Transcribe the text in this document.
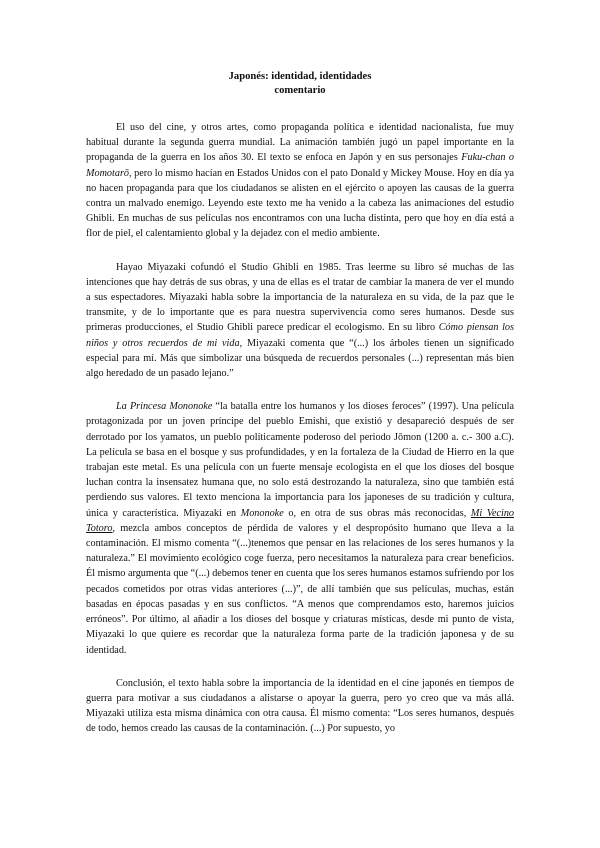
Japonés: identidad, identidades
comentario

El uso del cine, y otros artes, como propaganda política e identidad nacionalista, fue muy habitual durante la segunda guerra mundial. La animación también jugó un papel importante en la propaganda de la guerra en los años 30. El texto se enfoca en Japón y en sus personajes Fuku-chan o Momotarō, pero lo mismo hacían en Estados Unidos con el pato Donald y Mickey Mouse. Hoy en día ya no hacen propaganda para que los ciudadanos se alisten en el ejército o apoyen las causas de la guerra contra un malvado enemigo. Leyendo este texto me ha venido a la cabeza las animaciones del estudio Ghibli. En muchas de sus películas nos encontramos con una lucha distinta, pero que hoy en día está a flor de piel, el calentamiento global y la dejadez con el medio ambiente.

Hayao Miyazaki cofundó el Studio Ghibli en 1985. Tras leerme su libro sé muchas de las intenciones que hay detrás de sus obras, y una de ellas es el tratar de cambiar la manera de ver el mundo a sus espectadores. Miyazaki habla sobre la importancia de la naturaleza en su vida, de la paz que le transmite, y de lo importante que es para nuestra supervivencia como seres humanos. Desde sus primeras producciones, el Studio Ghibli parece predicar el ecologismo. En su libro Cómo piensan los niños y otros recuerdos de mi vida, Miyazaki comenta que “(...) los árboles tienen un significado especial para mí. Más que simbolizar una búsqueda de recuerdos personales (...) representan más bien algo heredado de un pasado lejano.”

La Princesa Mononoke “la batalla entre los humanos y los dioses feroces” (1997). Una película protagonizada por un joven príncipe del pueblo Emishi, que existió y desapareció después de ser derrotado por los yamatos, un pueblo políticamente poderoso del periodo Jōmon (1200 a. c.- 300 a.C). La película se basa en el bosque y sus profundidades, y en la fortaleza de la Ciudad de Hierro en la que trabajan este metal. Es una película con un fuerte mensaje ecologista en el que los dioses del bosque luchan contra la insensatez humana que, no solo está destrozando la naturaleza, sino que también está perdiendo sus valores. El texto menciona la importancia para los japoneses de su tradición y cultura, única y característica. Miyazaki en Mononoke o, en otra de sus obras más reconocidas, Mi Vecino Totoro, mezcla ambos conceptos de pérdida de valores y el despropósito humano que lleva a la contaminación. El mismo comenta “(...)tenemos que pensar en las relaciones de los seres humanos y la naturaleza.” El movimiento ecológico coge fuerza, pero necesitamos la naturaleza para crear beneficios. Él mismo argumenta que “(...) debemos tener en cuenta que los seres humanos estamos sufriendo por los pecados cometidos por otras vidas anteriores (...)”, de allí también que sus películas, muchas, están basadas en épocas pasadas y en sus conflictos. “A menos que comprendamos esto, haremos juicios erróneos”. Por último, al añadir a los dioses del bosque y criaturas místicas, desde mi punto de vista, Miyazaki lo que quiere es recordar que la naturaleza forma parte de la tradición japonesa y de su identidad.

Conclusión, el texto habla sobre la importancia de la identidad en el cine japonés en tiempos de guerra para motivar a sus ciudadanos a alistarse o apoyar la guerra, pero yo creo que va más allá. Miyazaki utiliza esta misma dinámica con otra causa. Él mismo comenta: “Los seres humanos, después de todo, hemos creado las causas de la contaminación. (...) Por supuesto, yo
